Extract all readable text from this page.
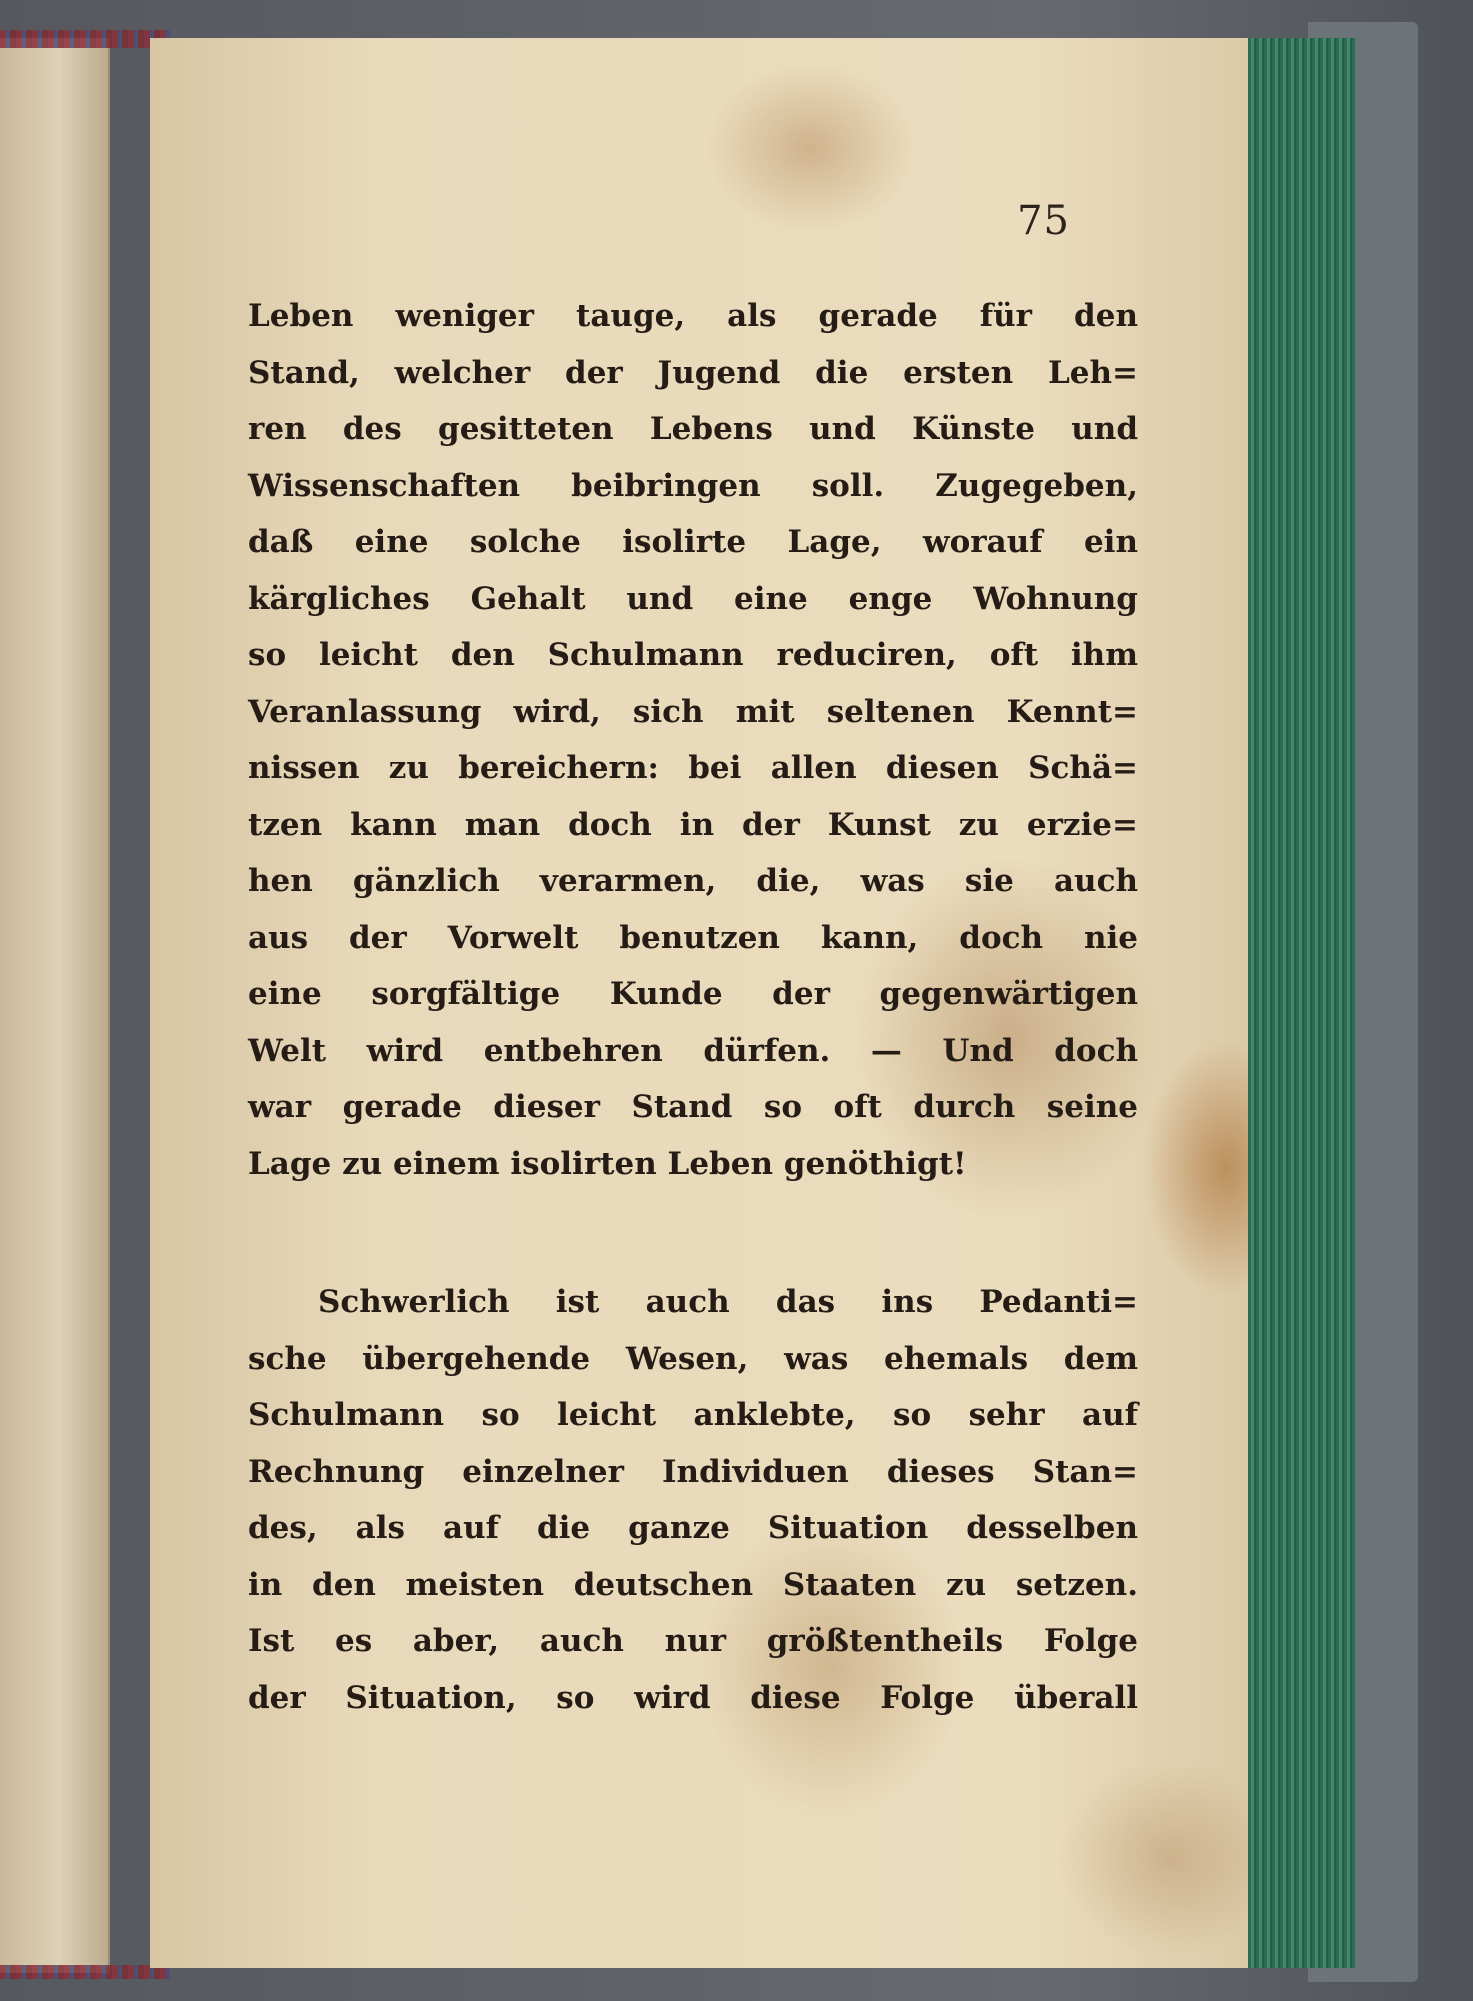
75
Leben weniger tauge, als gerade für den
Stand, welcher der Jugend die ersten Leh=
ren des gesitteten Lebens und Künste und
Wissenschaften beibringen soll. Zugegeben,
daß eine solche isolirte Lage, worauf ein
kärgliches Gehalt und eine enge Wohnung
so leicht den Schulmann reduciren, oft ihm
Veranlassung wird, sich mit seltenen Kennt=
nissen zu bereichern: bei allen diesen Schä=
tzen kann man doch in der Kunst zu erzie=
hen gänzlich verarmen, die, was sie auch
aus der Vorwelt benutzen kann, doch nie
eine sorgfältige Kunde der gegenwärtigen
Welt wird entbehren dürfen. — Und doch
war gerade dieser Stand so oft durch seine
Lage zu einem isolirten Leben genöthigt!
Schwerlich ist auch das ins Pedanti=
sche übergehende Wesen, was ehemals dem
Schulmann so leicht anklebte, so sehr auf
Rechnung einzelner Individuen dieses Stan=
des, als auf die ganze Situation desselben
in den meisten deutschen Staaten zu setzen.
Ist es aber, auch nur größtentheils Folge
der Situation, so wird diese Folge überall
